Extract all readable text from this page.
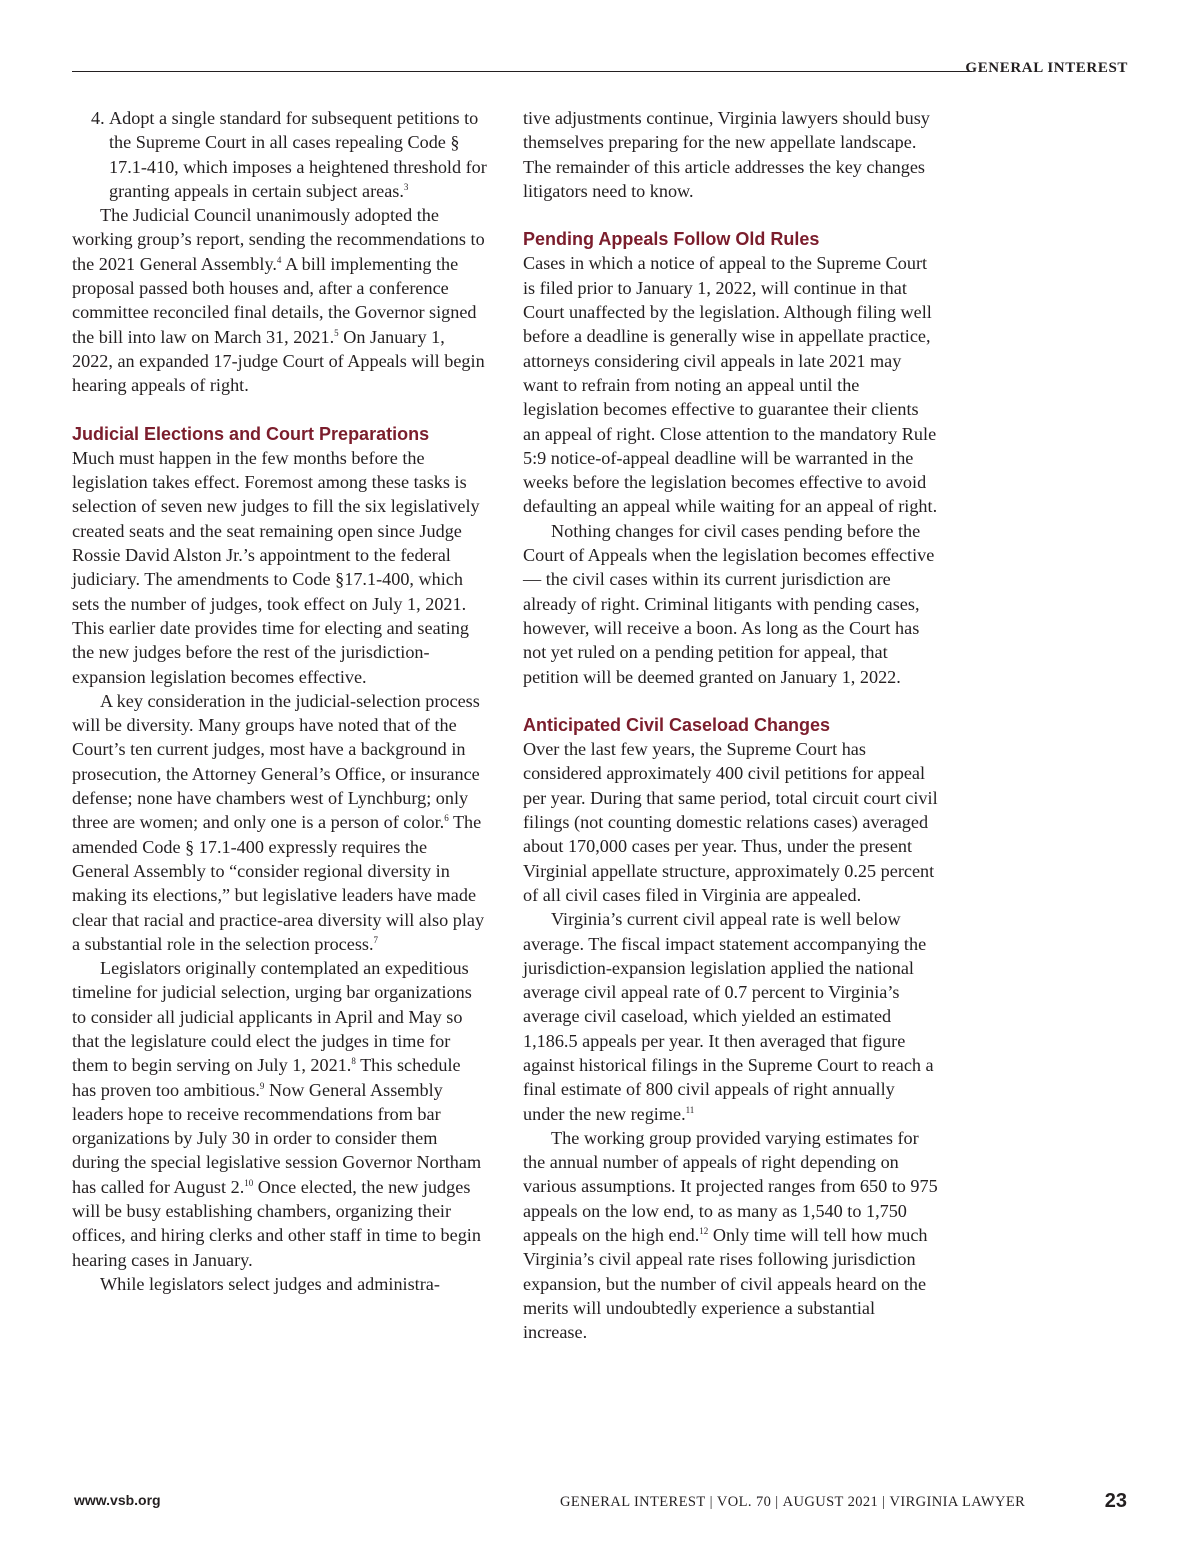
GENERAL INTEREST

4. Adopt a single standard for subsequent petitions to the Supreme Court in all cases repealing Code § 17.1-410, which imposes a heightened threshold for granting appeals in certain subject areas.$^3$

The Judicial Council unanimously adopted the working group’s report, sending the recommendations to the 2021 General Assembly.$^4$ A bill implementing the proposal passed both houses and, after a conference committee reconciled final details, the Governor signed the bill into law on March 31, 2021.$^5$ On January 1, 2022, an expanded 17-judge Court of Appeals will begin hearing appeals of right.

Judicial Elections and Court Preparations

Much must happen in the few months before the legislation takes effect. Foremost among these tasks is selection of seven new judges to fill the six legislatively created seats and the seat remaining open since Judge Rossie David Alston Jr.’s appointment to the federal judiciary. The amendments to Code §17.1-400, which sets the number of judges, took effect on July 1, 2021. This earlier date provides time for electing and seating the new judges before the rest of the jurisdiction-expansion legislation becomes effective.

A key consideration in the judicial-selection process will be diversity. Many groups have noted that of the Court’s ten current judges, most have a background in prosecution, the Attorney General’s Office, or insurance defense; none have chambers west of Lynchburg; only three are women; and only one is a person of color.$^6$ The amended Code § 17.1-400 expressly requires the General Assembly to “consider regional diversity in making its elections,” but legislative leaders have made clear that racial and practice-area diversity will also play a substantial role in the selection process.$^7$

Legislators originally contemplated an expeditious timeline for judicial selection, urging bar organizations to consider all judicial applicants in April and May so that the legislature could elect the judges in time for them to begin serving on July 1, 2021.$^8$ This schedule has proven too ambitious.$^9$ Now General Assembly leaders hope to receive recommendations from bar organizations by July 30 in order to consider them during the special legislative session Governor Northam has called for August 2.10 Once elected, the new judges will be busy establishing chambers, organizing their offices, and hiring clerks and other staff in time to begin hearing cases in January.

While legislators select judges and administra-

tive adjustments continue, Virginia lawyers should busy themselves preparing for the new appellate landscape. The remainder of this article addresses the key changes litigators need to know.

Pending Appeals Follow Old Rules

Cases in which a notice of appeal to the Supreme Court is filed prior to January 1, 2022, will continue in that Court unaffected by the legislation. Although filing well before a deadline is generally wise in appellate practice, attorneys considering civil appeals in late 2021 may want to refrain from noting an appeal until the legislation becomes effective to guarantee their clients an appeal of right. Close attention to the mandatory Rule 5:9 notice-of-appeal deadline will be warranted in the weeks before the legislation becomes effective to avoid defaulting an appeal while waiting for an appeal of right.

Nothing changes for civil cases pending before the Court of Appeals when the legislation becomes effective — the civil cases within its current jurisdiction are already of right. Criminal litigants with pending cases, however, will receive a boon. As long as the Court has not yet ruled on a pending petition for appeal, that petition will be deemed granted on January 1, 2022.

Anticipated Civil Caseload Changes

Over the last few years, the Supreme Court has considered approximately 400 civil petitions for appeal per year. During that same period, total circuit court civil filings (not counting domestic relations cases) averaged about 170,000 cases per year. Thus, under the present Virginial appellate structure, approximately 0.25 percent of all civil cases filed in Virginia are appealed.

Virginia’s current civil appeal rate is well below average. The fiscal impact statement accompanying the jurisdiction-expansion legislation applied the national average civil appeal rate of 0.7 percent to Virginia’s average civil caseload, which yielded an estimated 1,186.5 appeals per year. It then averaged that figure against historical filings in the Supreme Court to reach a final estimate of 800 civil appeals of right annually under the new regime.$^{11}$

The working group provided varying estimates for the annual number of appeals of right depending on various assumptions. It projected ranges from 650 to 975 appeals on the low end, to as many as 1,540 to 1,750 appeals on the high end.$^{12}$ Only time will tell how much Virginia’s civil appeal rate rises following jurisdiction expansion, but the number of civil appeals heard on the merits will undoubtedly experience a substantial increase.

www.vsb.org	GENERAL INTEREST | VOL. 70 | AUGUST 2021 | VIRGINIA LAWYER	23
